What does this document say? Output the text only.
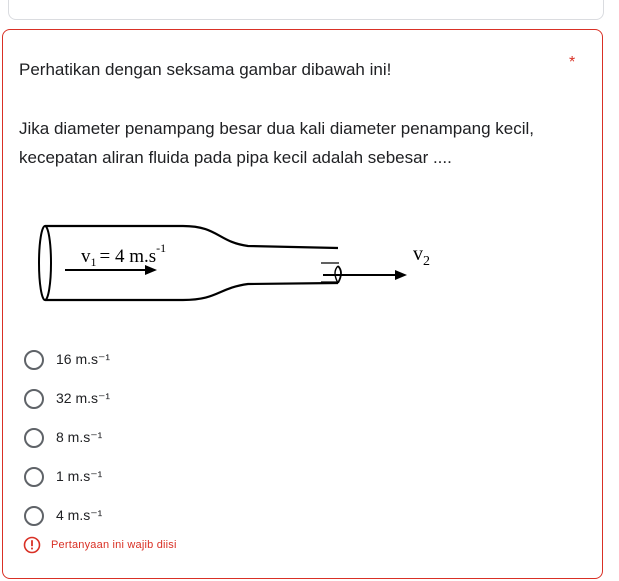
Perhatikan dengan seksama gambar dibawah ini!	*
Jika diameter penampang besar dua kali diameter penampang kecil, kecepatan aliran fluida pada pipa kecil adalah sebesar ....
$v_1 = 4$ $m.s^{-1}$	$v_2$
16 m.s⁻¹
32 m.s⁻¹
8 m.s⁻¹
1 m.s⁻¹
4 m.s⁻¹
Pertanyaan ini wajib diisi
